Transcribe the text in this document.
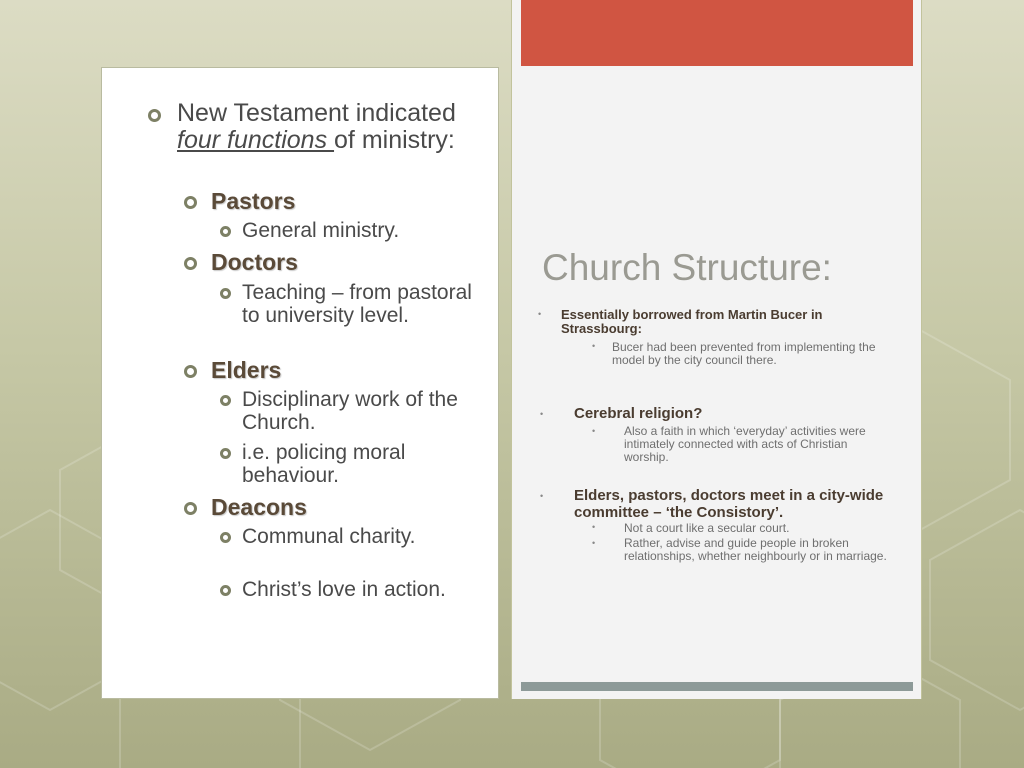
New Testament indicated four functions of ministry:
Pastors
General ministry.
Doctors
Teaching – from pastoral to university level.
Elders
Disciplinary work of the Church.
i.e. policing moral behaviour.
Deacons
Communal charity.
Christ’s love in action.
Church Structure:
• Essentially borrowed from Martin Bucer in Strassbourg:
• Bucer had been prevented from implementing the model by the city council there.
• Cerebral religion?
• Also a faith in which ‘everyday’ activities were intimately connected with acts of Christian worship.
• Elders, pastors, doctors meet in a city-wide committee – ‘the Consistory’.
• Not a court like a secular court.
• Rather, advise and guide people in broken relationships, whether neighbourly or in marriage.
